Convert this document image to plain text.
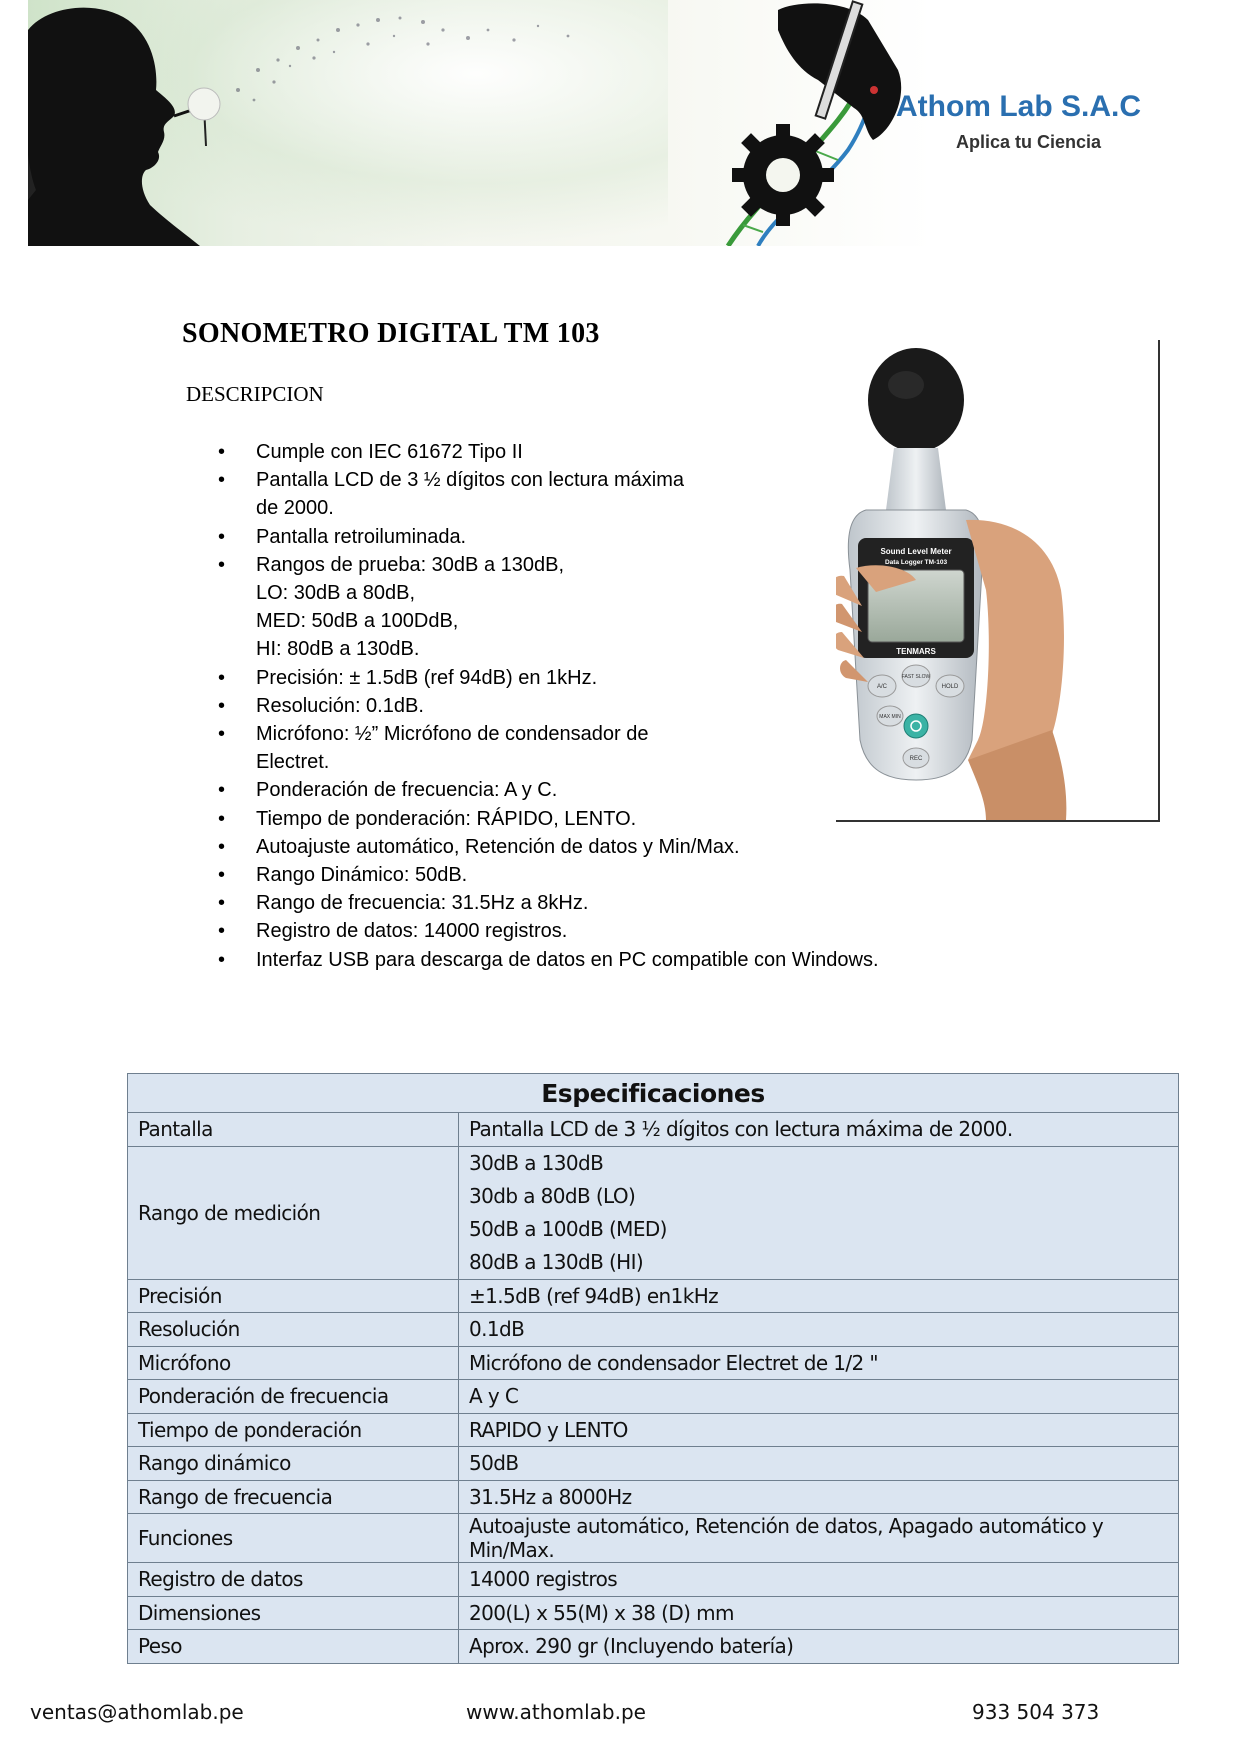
Athom Lab S.A.C
Aplica tu Ciencia
SONOMETRO DIGITAL TM 103
DESCRIPCION
• Cumple con IEC 61672 Tipo II
• Pantalla LCD de 3 ½ dígitos con lectura máxima
de 2000.
• Pantalla retroiluminada.
• Rangos de prueba: 30dB a 130dB,
LO: 30dB a 80dB,
MED: 50dB a 100DdB,
HI: 80dB a 130dB.
• Precisión: ± 1.5dB (ref 94dB) en 1kHz.
• Resolución: 0.1dB.
• Micrófono: ½” Micrófono de condensador de
Electret.
• Ponderación de frecuencia: A y C.
• Tiempo de ponderación: RÁPIDO, LENTO.
• Autoajuste automático, Retención de datos y Min/Max.
• Rango Dinámico: 50dB.
• Rango de frecuencia: 31.5Hz a 8kHz.
• Registro de datos: 14000 registros.
• Interfaz USB para descarga de datos en PC compatible con Windows.
Sound Level Meter
Data Logger TM-103
TENMARS
A/C	HOLD
FAST SLOW
MAX MIN
REC
Especificaciones	
Pantalla	Pantalla LCD de 3 ½ dígitos con lectura máxima de 2000.

Rango de medición	30dB a 130dB
30db a 80dB (LO)
50dB a 100dB (MED)
80dB a 130dB (HI)

Precisión	±1.5dB (ref 94dB) en1kHz

Resolución	0.1dB

Micrófono	Micrófono de condensador Electret de 1/2 "

Ponderación de frecuencia	A y C

Tiempo de ponderación	RAPIDO y LENTO

Rango dinámico	50dB

Rango de frecuencia	31.5Hz a 8000Hz

Funciones	Autoajuste automático, Retención de datos, Apagado automático y Min/Max.

Registro de datos	14000 registros

Dimensiones	200(L) x 55(M) x 38 (D) mm

Peso	Aprox. 290 gr (Incluyendo batería)
ventas@athomlab.pe	www.athomlab.pe	933 504 373
